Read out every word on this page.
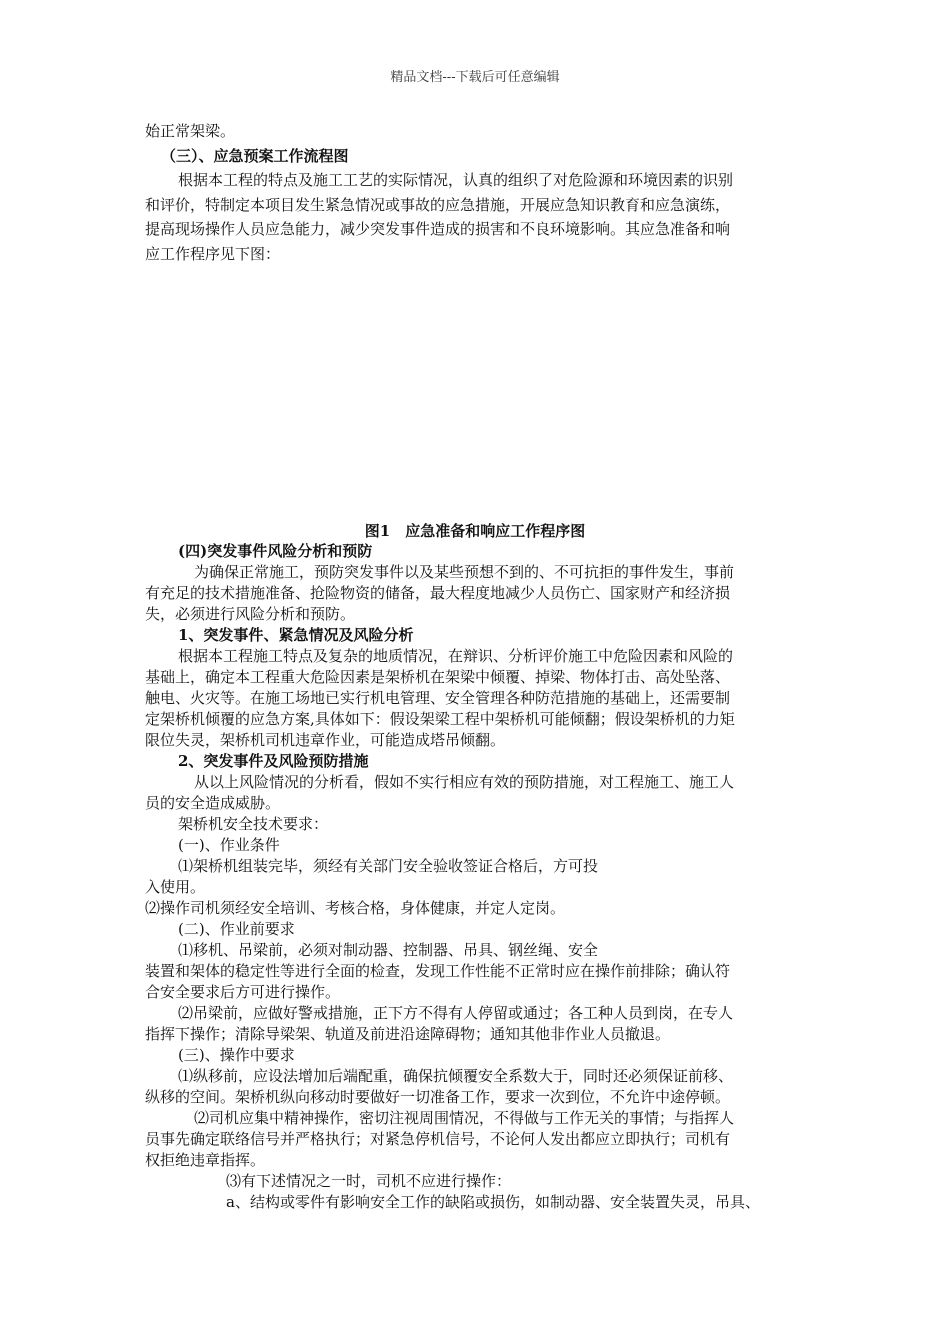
精品文档---下载后可任意编辑
始正常架梁。
（三）、应急预案工作流程图
根据本工程的特点及施工工艺的实际情况，认真的组织了对危险源和环境因素的识别
和评价，特制定本项目发生紧急情况或事故的应急措施，开展应急知识教育和应急演练，
提高现场操作人员应急能力，减少突发事件造成的损害和不良环境影响。其应急准备和响
应工作程序见下图：
图1　应急准备和响应工作程序图
(四)突发事件风险分析和预防
为确保正常施工，预防突发事件以及某些预想不到的、不可抗拒的事件发生，事前
有充足的技术措施准备、抢险物资的储备，最大程度地减少人员伤亡、国家财产和经济损
失，必须进行风险分析和预防。
1、突发事件、紧急情况及风险分析
根据本工程施工特点及复杂的地质情况，在辩识、分析评价施工中危险因素和风险的
基础上，确定本工程重大危险因素是架桥机在架梁中倾覆、掉梁、物体打击、高处坠落、
触电、火灾等。在施工场地已实行机电管理、安全管理各种防范措施的基础上，还需要制
定架桥机倾覆的应急方案,具体如下：假设架梁工程中架桥机可能倾翻；假设架桥机的力矩
限位失灵，架桥机司机违章作业，可能造成塔吊倾翻。
2、突发事件及风险预防措施
从以上风险情况的分析看，假如不实行相应有效的预防措施，对工程施工、施工人
员的安全造成威胁。
架桥机安全技术要求：
(一)、作业条件
⑴架桥机组装完毕，须经有关部门安全验收签证合格后，方可投
入使用。
⑵操作司机须经安全培训、考核合格，身体健康，并定人定岗。
(二)、作业前要求
⑴移机、吊梁前，必须对制动器、控制器、吊具、钢丝绳、安全
装置和架体的稳定性等进行全面的检查，发现工作性能不正常时应在操作前排除；确认符
合安全要求后方可进行操作。
⑵吊梁前，应做好警戒措施，正下方不得有人停留或通过；各工种人员到岗，在专人
指挥下操作；清除导梁架、轨道及前进沿途障碍物；通知其他非作业人员撤退。
(三)、操作中要求
⑴纵移前，应设法增加后端配重，确保抗倾覆安全系数大于，同时还必须保证前移、
纵移的空间。架桥机纵向移动时要做好一切准备工作，要求一次到位，不允许中途停顿。
⑵司机应集中精神操作，密切注视周围情况，不得做与工作无关的事情；与指挥人
员事先确定联络信号并严格执行；对紧急停机信号，不论何人发出都应立即执行；司机有
权拒绝违章指挥。
⑶有下述情况之一时，司机不应进行操作：
a、结构或零件有影响安全工作的缺陷或损伤，如制动器、安全装置失灵，吊具、
